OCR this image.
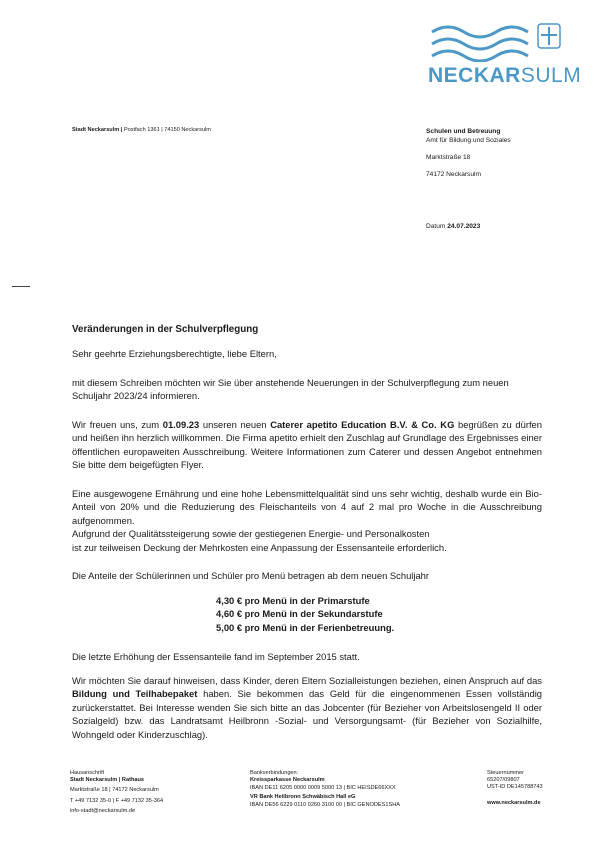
NECKARSULM
Stadt Neckarsulm | Postfach 1361 | 74150 Neckarsulm	Schulen und Betreuung
Amt für Bildung und Soziales
Marktstraße 18
74172 Neckarsulm
Datum 24.07.2023
Veränderungen in der Schulverpflegung
Sehr geehrte Erziehungsberechtigte, liebe Eltern,
mit diesem Schreiben möchten wir Sie über anstehende Neuerungen in der Schulverpflegung zum neuen Schuljahr 2023/24 informieren.
Wir freuen uns, zum 01.09.23 unseren neuen Caterer apetito Education B.V. & Co. KG begrüßen zu dürfen und heißen ihn herzlich willkommen. Die Firma apetito erhielt den Zuschlag auf Grundlage des Ergebnisses einer öffentlichen europaweiten Ausschreibung. Weitere Informationen zum Caterer und dessen Angebot entnehmen Sie bitte dem beigefügten Flyer.
Eine ausgewogene Ernährung und eine hohe Lebensmittelqualität sind uns sehr wichtig, deshalb wurde ein Bio-Anteil von 20% und die Reduzierung des Fleischanteils von 4 auf 2 mal pro Woche in die Ausschreibung aufgenommen.
Aufgrund der Qualitätssteigerung sowie der gestiegenen Energie- und Personalkosten
ist zur teilweisen Deckung der Mehrkosten eine Anpassung der Essensanteile erforderlich.
Die Anteile der Schülerinnen und Schüler pro Menü betragen ab dem neuen Schuljahr
4,30 € pro Menü in der Primarstufe
4,60 € pro Menü in der Sekundarstufe
5,00 € pro Menü in der Ferienbetreuung.
Die letzte Erhöhung der Essensanteile fand im September 2015 statt.
Wir möchten Sie darauf hinweisen, dass Kinder, deren Eltern Sozialleistungen beziehen, einen Anspruch auf das Bildung und Teilhabepaket haben. Sie bekommen das Geld für die eingenommenen Essen vollständig zurückerstattet. Bei Interesse wenden Sie sich bitte an das Jobcenter (für Bezieher von Arbeitslosengeld II oder Sozialgeld) bzw. das Landratsamt Heilbronn -Sozial- und Versorgungsamt- (für Bezieher von Sozialhilfe, Wohngeld oder Kinderzuschlag).
Hausanschrift
Stadt Neckarsulm | Rathaus
Marktstraße 18 | 74172 Neckarsulm
T +49 7132 35-0 | F +49 7132 35-364
info-stadt@neckarsulm.de
Bankverbindungen:
Kreissparkasse Neckarsulm
IBAN DE11 6205 0000 0009 5000 13 | BIC HEISDE66XXX
VR Bank Heilbronn Schwäbisch Hall eG
IBAN DE56 6229 0110 0260 3100 00 | BIC GENODES1SHA
Steuernummer
65207/09807
UST-ID DE145788743
www.neckarsulm.de
